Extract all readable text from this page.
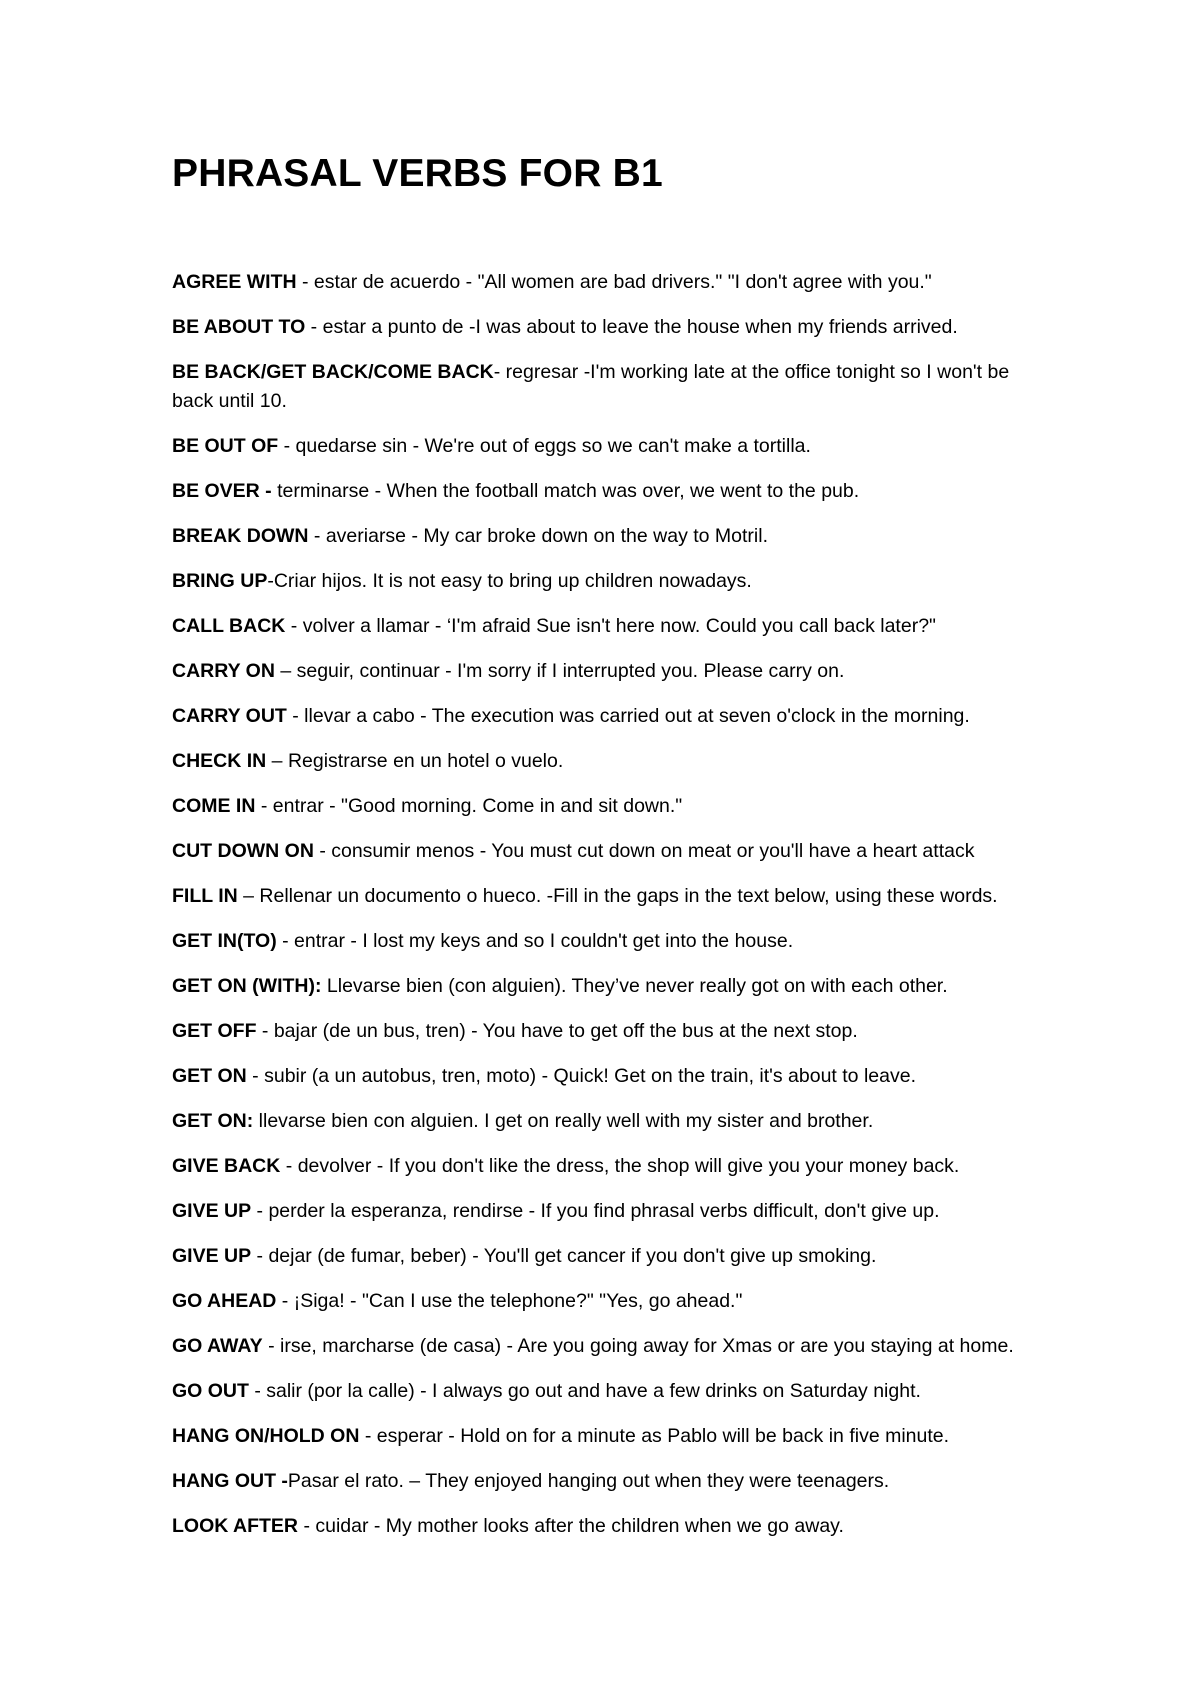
PHRASAL VERBS FOR B1
AGREE WITH - estar de acuerdo - "All women are bad drivers." "I don't agree with you."
BE ABOUT TO - estar a punto de -I was about to leave the house when my friends arrived.
BE BACK/GET BACK/COME BACK- regresar -I'm working late at the office tonight so I won't be back until 10.
BE OUT OF - quedarse sin - We're out of eggs so we can't make a tortilla.
BE OVER - terminarse - When the football match was over, we went to the pub.
BREAK DOWN - averiarse - My car broke down on the way to Motril.
BRING UP-Criar hijos. It is not easy to bring up children nowadays.
CALL BACK - volver a llamar - ‘I'm afraid Sue isn't here now. Could you call back later?"
CARRY ON – seguir, continuar - I'm sorry if I interrupted you. Please carry on.
CARRY OUT - llevar a cabo - The execution was carried out at seven o'clock in the morning.
CHECK IN – Registrarse en un hotel o vuelo.
COME IN - entrar - "Good morning. Come in and sit down."
CUT DOWN ON - consumir menos - You must cut down on meat or you'll have a heart attack
FILL IN – Rellenar un documento o hueco. -Fill in the gaps in the text below, using these words.
GET IN(TO) - entrar - I lost my keys and so I couldn't get into the house.
GET ON (WITH): Llevarse bien (con alguien). They’ve never really got on with each other.
GET OFF - bajar (de un bus, tren) - You have to get off the bus at the next stop.
GET ON - subir (a un autobus, tren, moto) - Quick! Get on the train, it's about to leave.
GET ON: llevarse bien con alguien. I get on really well with my sister and brother.
GIVE BACK - devolver - If you don't like the dress, the shop will give you your money back.
GIVE UP - perder la esperanza, rendirse - If you find phrasal verbs difficult, don't give up.
GIVE UP - dejar (de fumar, beber) - You'll get cancer if you don't give up smoking.
GO AHEAD - ¡Siga! - "Can I use the telephone?" "Yes, go ahead."
GO AWAY - irse, marcharse (de casa) - Are you going away for Xmas or are you staying at home.
GO OUT - salir (por la calle) - I always go out and have a few drinks on Saturday night.
HANG ON/HOLD ON - esperar - Hold on for a minute as Pablo will be back in five minute.
HANG OUT -Pasar el rato. – They enjoyed hanging out when they were teenagers.
LOOK AFTER - cuidar - My mother looks after the children when we go away.
